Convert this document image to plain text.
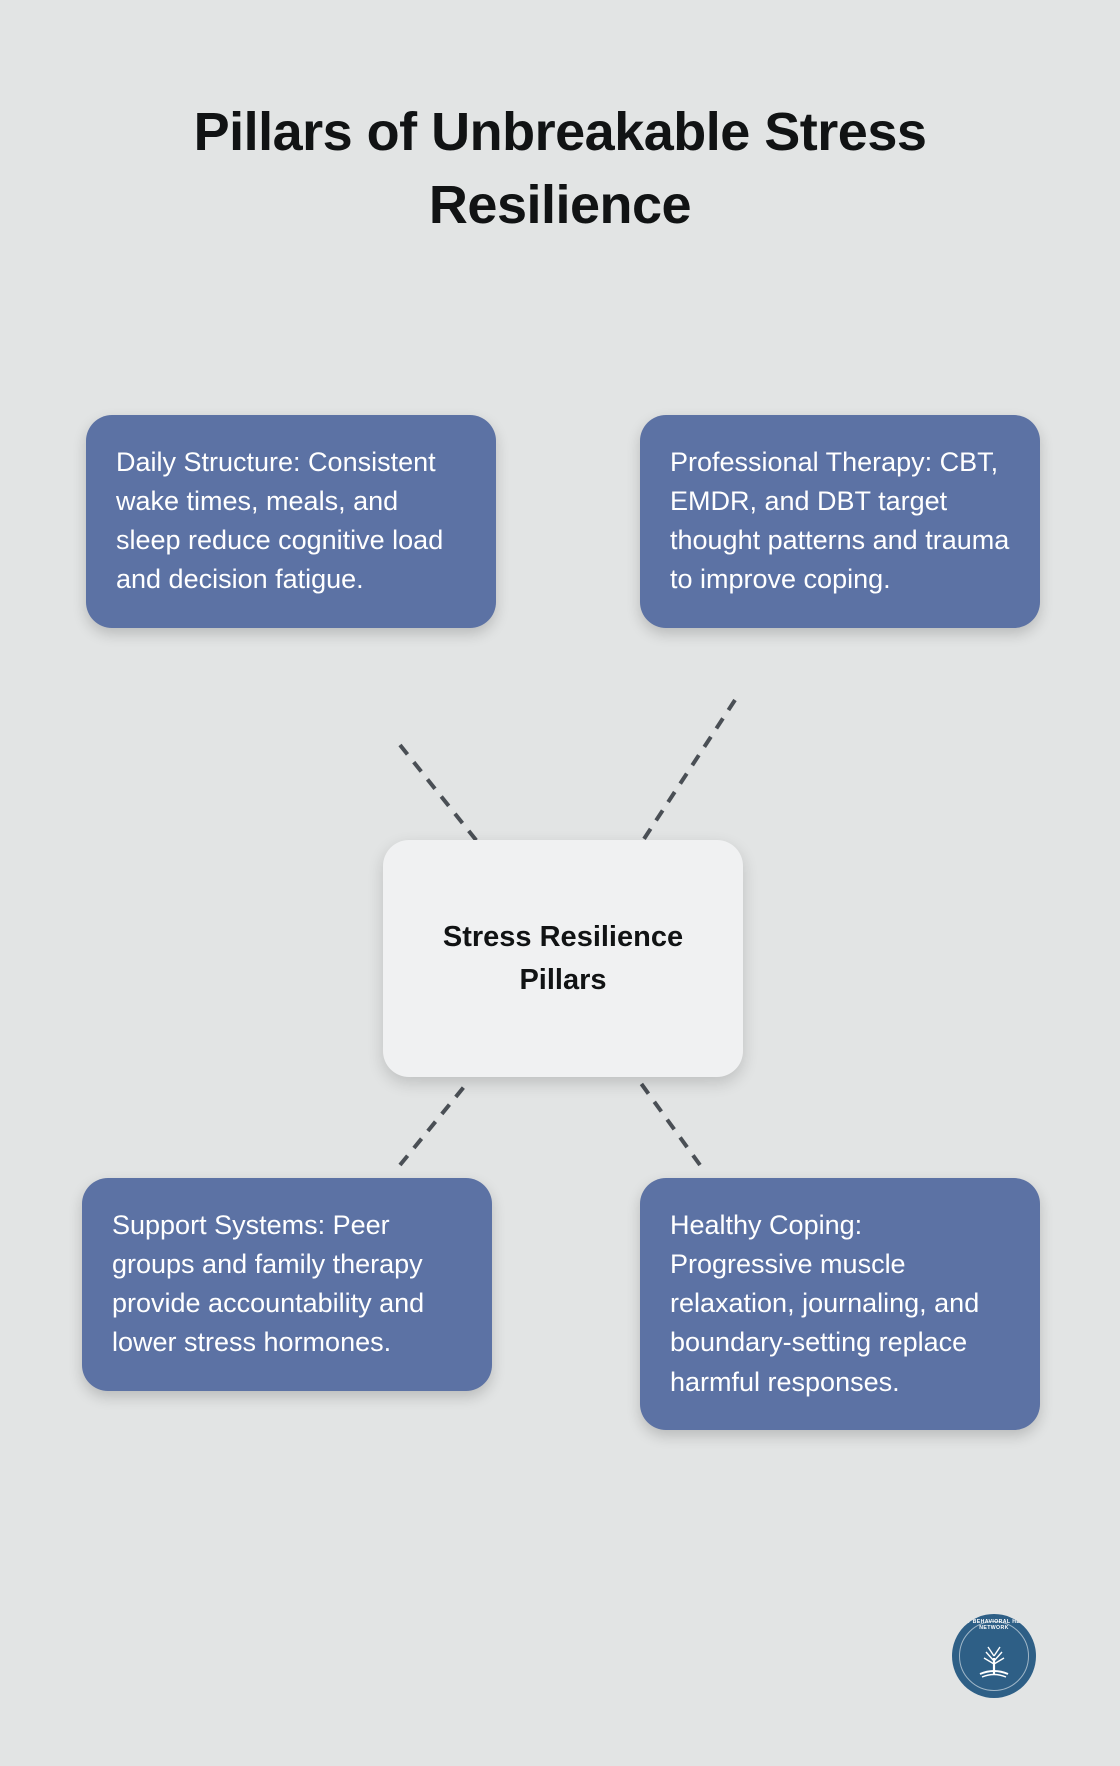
Pillars of Unbreakable Stress Resilience
Daily Structure: Consistent wake times, meals, and sleep reduce cognitive load and decision fatigue.
Professional Therapy: CBT, EMDR, and DBT target thought patterns and trauma to improve coping.
Support Systems: Peer groups and family therapy provide accountability and lower stress hormones.
Healthy Coping: Progressive muscle relaxation, journaling, and boundary-setting replace harmful responses.
Stress Resilience Pillars
AMITY BEHAVIORAL HEALTH NETWORK
